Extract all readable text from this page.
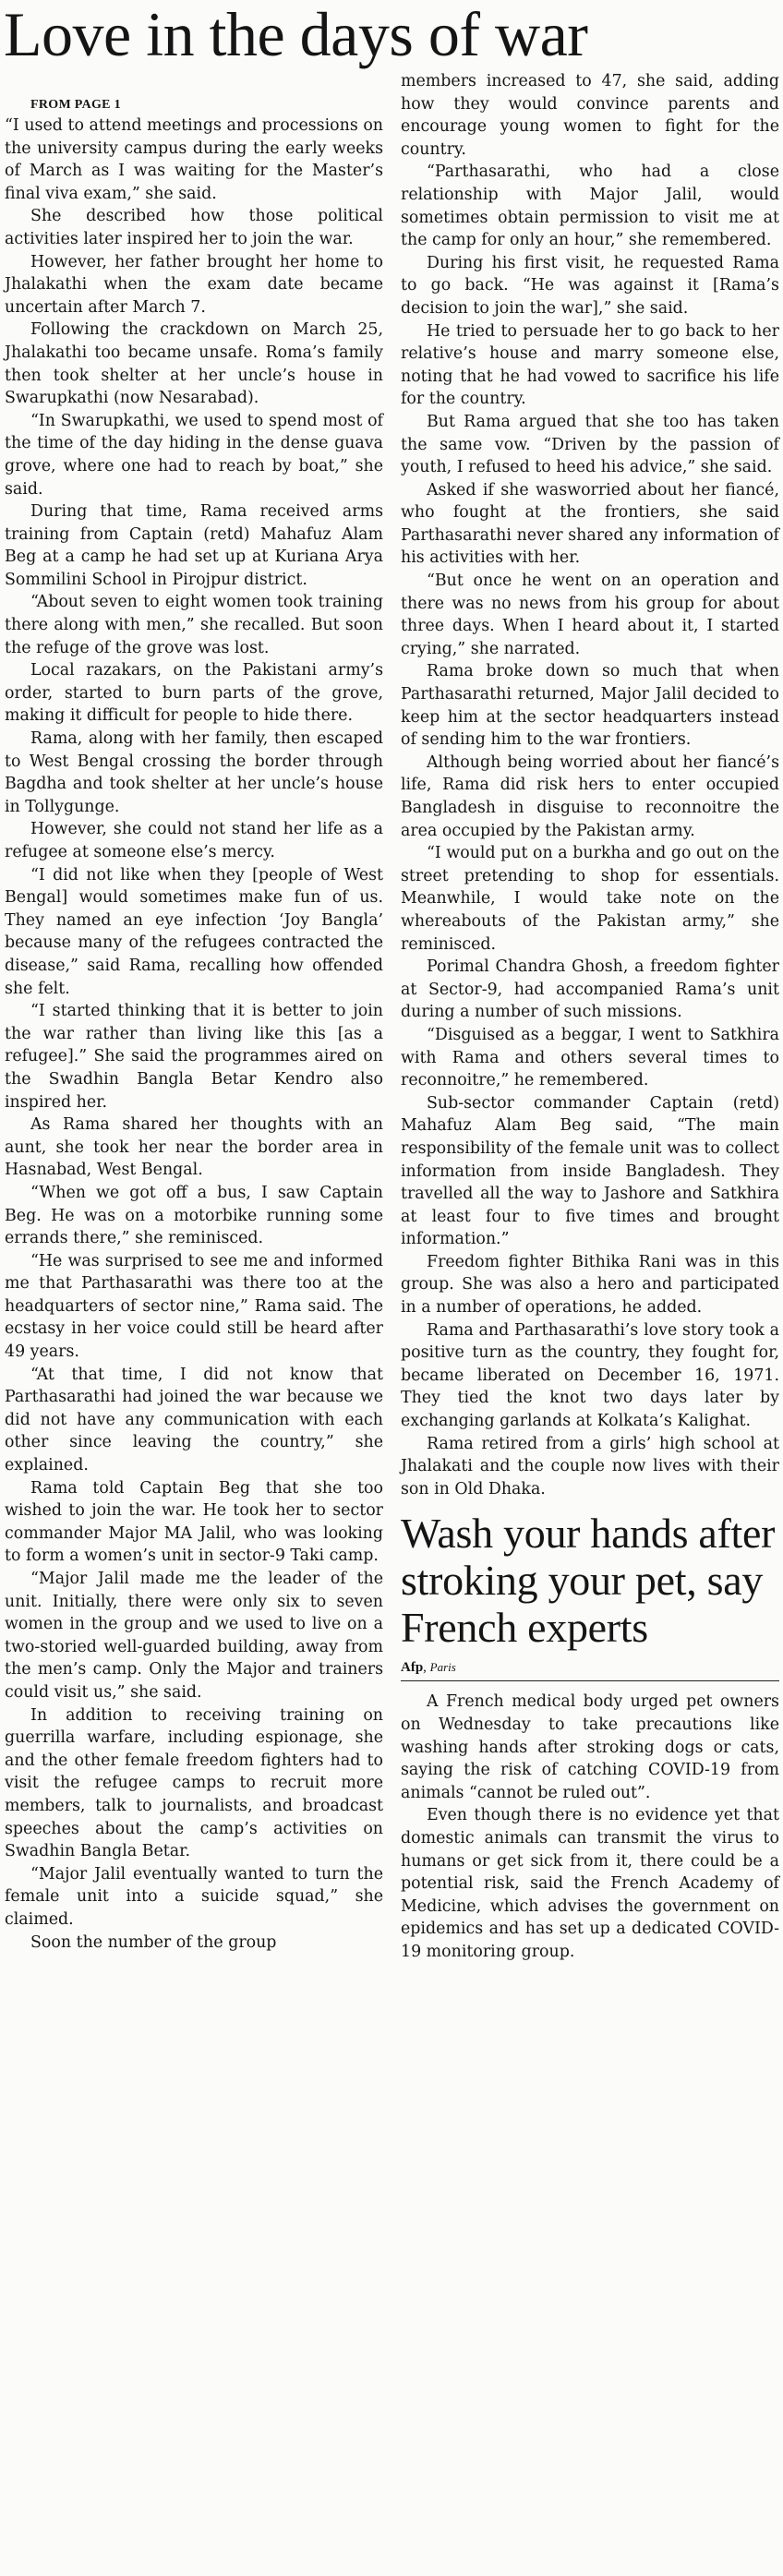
Love in the days of war

FROM PAGE 1

“I used to attend meetings and processions on the university campus during the early weeks of March as I was waiting for the Master’s final viva exam,” she said.

She described how those political activities later inspired her to join the war.

However, her father brought her home to Jhalakathi when the exam date became uncertain after March 7.

Following the crackdown on March 25, Jhalakathi too became unsafe. Roma’s family then took shelter at her uncle’s house in Swarupkathi (now Nesarabad).

“In Swarupkathi, we used to spend most of the time of the day hiding in the dense guava grove, where one had to reach by boat,” she said.

During that time, Rama received arms training from Captain (retd) Mahafuz Alam Beg at a camp he had set up at Kuriana Arya Sommilini School in Pirojpur district.

“About seven to eight women took training there along with men,” she recalled. But soon the refuge of the grove was lost.

Local razakars, on the Pakistani army’s order, started to burn parts of the grove, making it difficult for people to hide there.

Rama, along with her family, then escaped to West Bengal crossing the border through Bagdha and took shelter at her uncle’s house in Tollygunge.

However, she could not stand her life as a refugee at someone else’s mercy.

“I did not like when they [people of West Bengal] would sometimes make fun of us. They named an eye infection ‘Joy Bangla’ because many of the refugees contracted the disease,” said Rama, recalling how offended she felt.

“I started thinking that it is better to join the war rather than living like this [as a refugee].” She said the programmes aired on the Swadhin Bangla Betar Kendro also inspired her.

As Rama shared her thoughts with an aunt, she took her near the border area in Hasnabad, West Bengal.

“When we got off a bus, I saw Captain Beg. He was on a motorbike running some errands there,” she reminisced.

“He was surprised to see me and informed me that Parthasarathi was there too at the headquarters of sector nine,” Rama said. The ecstasy in her voice could still be heard after 49 years.

“At that time, I did not know that Parthasarathi had joined the war because we did not have any communication with each other since leaving the country,” she explained.

Rama told Captain Beg that she too wished to join the war. He took her to sector commander Major MA Jalil, who was looking to form a women’s unit in sector-9 Taki camp.

“Major Jalil made me the leader of the unit. Initially, there were only six to seven women in the group and we used to live on a two-storied well-guarded building, away from the men’s camp. Only the Major and trainers could visit us,” she said.

In addition to receiving training on guerrilla warfare, including espionage, she and the other female freedom fighters had to visit the refugee camps to recruit more members, talk to journalists, and broadcast speeches about the camp’s activities on Swadhin Bangla Betar.

“Major Jalil eventually wanted to turn the female unit into a suicide squad,” she claimed.

Soon the number of the group

members increased to 47, she said, adding how they would convince parents and encourage young women to fight for the country.

“Parthasarathi, who had a close relationship with Major Jalil, would sometimes obtain permission to visit me at the camp for only an hour,” she remembered.

During his first visit, he requested Rama to go back. “He was against it [Rama’s decision to join the war],” she said.

He tried to persuade her to go back to her relative’s house and marry someone else, noting that he had vowed to sacrifice his life for the country.

But Rama argued that she too has taken the same vow. “Driven by the passion of youth, I refused to heed his advice,” she said.

Asked if she wasworried about her fiancé, who fought at the frontiers, she said Parthasarathi never shared any information of his activities with her.

“But once he went on an operation and there was no news from his group for about three days. When I heard about it, I started crying,” she narrated.

Rama broke down so much that when Parthasarathi returned, Major Jalil decided to keep him at the sector headquarters instead of sending him to the war frontiers.

Although being worried about her fiancé’s life, Rama did risk hers to enter occupied Bangladesh in disguise to reconnoitre the area occupied by the Pakistan army.

“I would put on a burkha and go out on the street pretending to shop for essentials. Meanwhile, I would take note on the whereabouts of the Pakistan army,” she reminisced.

Porimal Chandra Ghosh, a freedom fighter at Sector-9, had accompanied Rama’s unit during a number of such missions.

“Disguised as a beggar, I went to Satkhira with Rama and others several times to reconnoitre,” he remembered.

Sub-sector commander Captain (retd) Mahafuz Alam Beg said, “The main responsibility of the female unit was to collect information from inside Bangladesh. They travelled all the way to Jashore and Satkhira at least four to five times and brought information.”

Freedom fighter Bithika Rani was in this group. She was also a hero and participated in a number of operations, he added.

Rama and Parthasarathi’s love story took a positive turn as the country, they fought for, became liberated on December 16, 1971. They tied the knot two days later by exchanging garlands at Kolkata’s Kalighat.

Rama retired from a girls’ high school at Jhalakati and the couple now lives with their son in Old Dhaka.

Wash your hands after stroking your pet, say French experts
Afp, Paris

A French medical body urged pet owners on Wednesday to take precautions like washing hands after stroking dogs or cats, saying the risk of catching COVID-19 from animals “cannot be ruled out”.

Even though there is no evidence yet that domestic animals can transmit the virus to humans or get sick from it, there could be a potential risk, said the French Academy of Medicine, which advises the government on epidemics and has set up a dedicated COVID-19 monitoring group.
